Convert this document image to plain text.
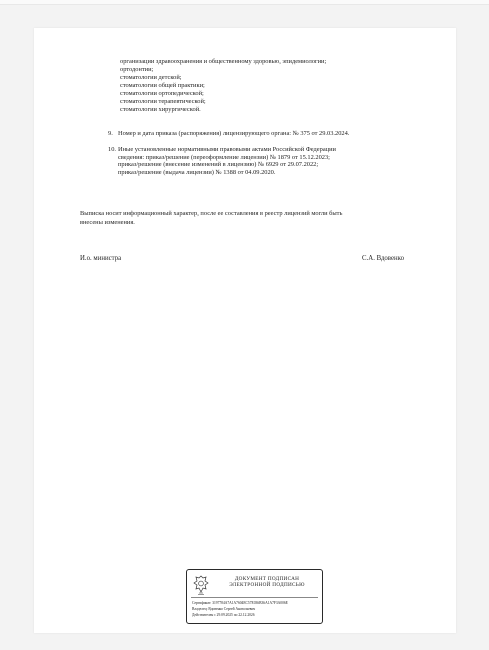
организации здравоохранения и общественному здоровью, эпидемиологии;

ортодонтии;

стоматологии детской;

стоматологии общей практики;

стоматологии ортопедической;

стоматологии терапевтической;

стоматологии хирургической.

9. Номер и дата приказа (распоряжения) лицензирующего органа: № 375 от 29.03.2024.

10. Иные установленные нормативными правовыми актами Российской Федерации
сведения: приказ/решение (переоформление лицензии) № 1879 от 15.12.2023;
приказ/решение (внесение изменений в лицензию) № 6929 от 29.07.2022;
приказ/решение (выдача лицензии) № 1388 от 04.09.2020.

Выписка носит информационный характер, после ее составления в реестр лицензий могли быть

внесены изменения.

И.о. министра	С.А. Вдовенко

ДОКУМЕНТ ПОДПИСАН
ЭЛЕКТРОННОЙ ПОДПИСЬЮ
Сертификат: 3197784A7A1A7604EC57E036B36A1A7F3A006E
Владелец: Вдовенко Сергей Анатольевич
Действителен с 29.09.2025 по 22.12.2026
